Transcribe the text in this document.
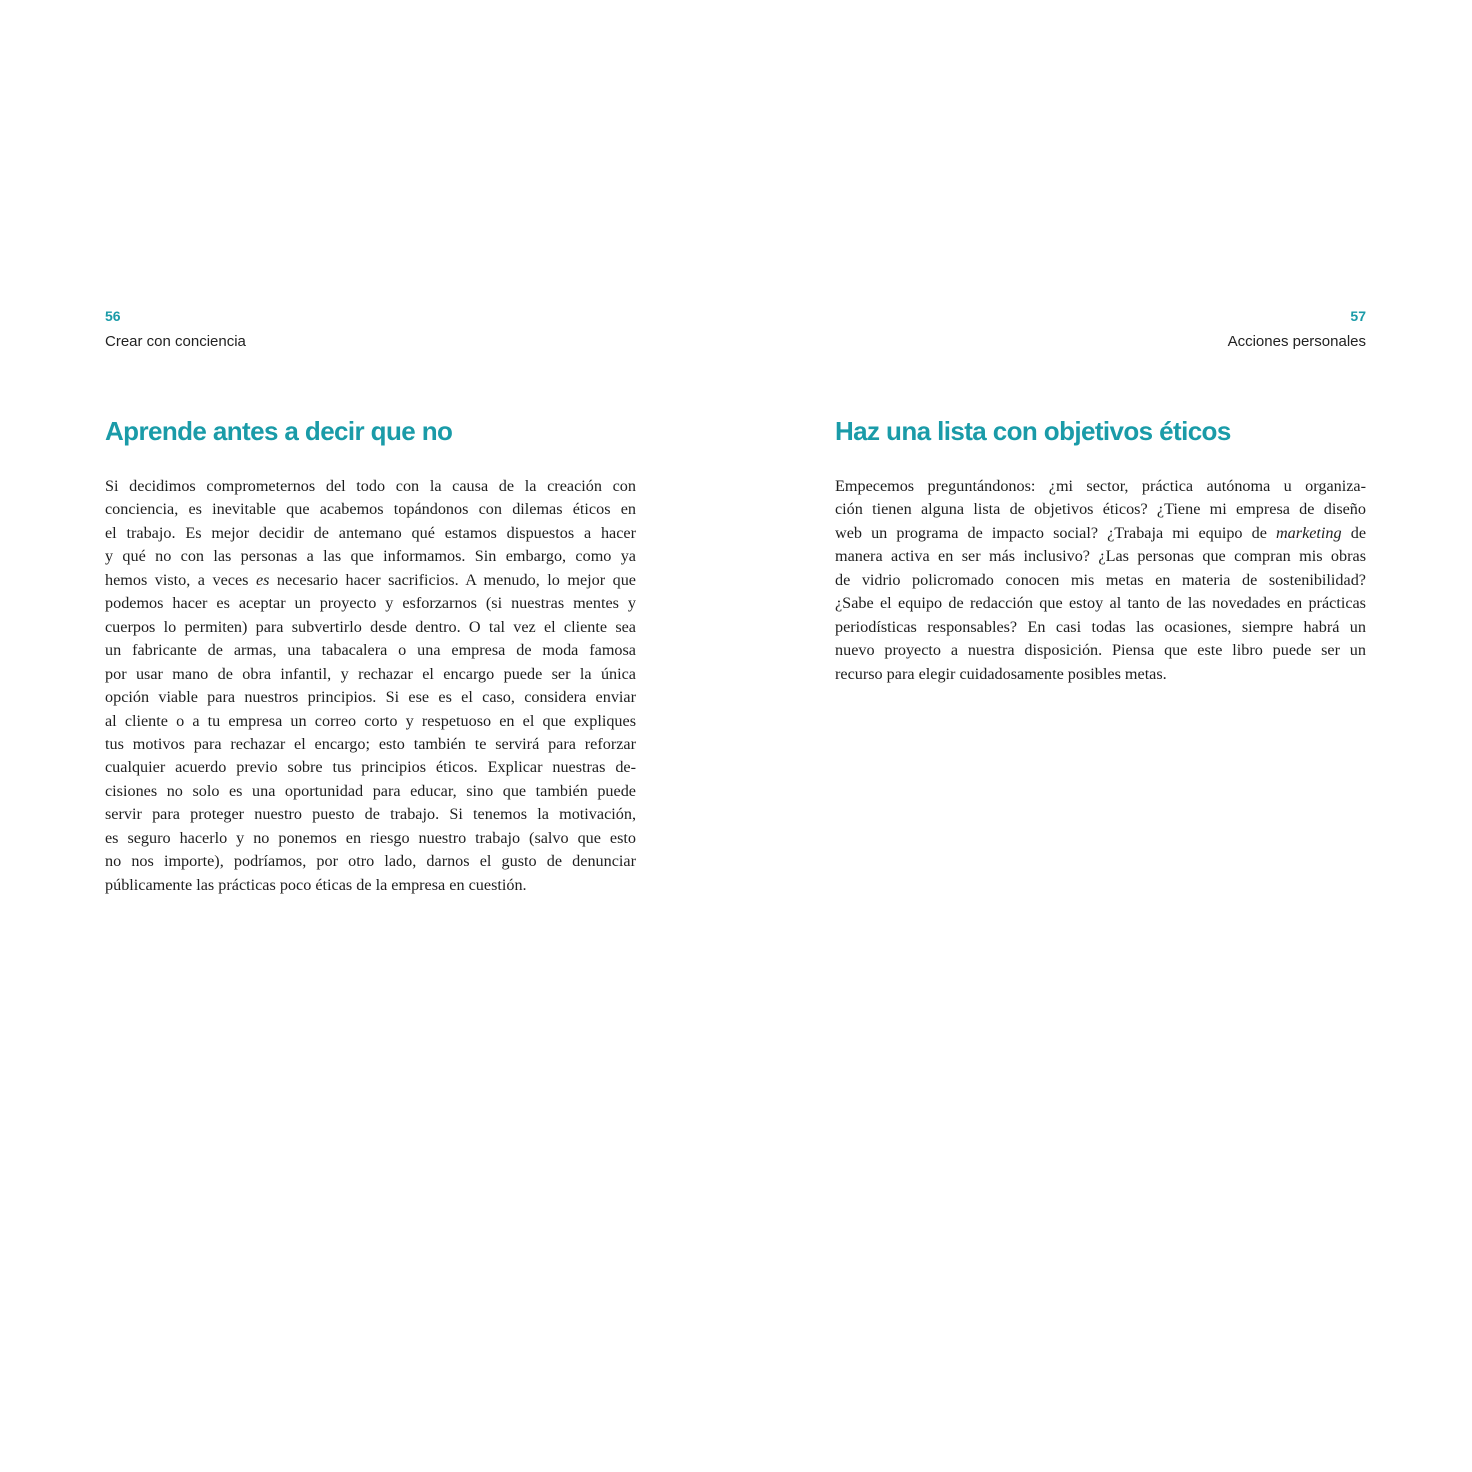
56
Crear con conciencia
Aprende antes a decir que no
Si decidimos comprometernos del todo con la causa de la creación con
conciencia, es inevitable que acabemos topándonos con dilemas éticos en
el trabajo. Es mejor decidir de antemano qué estamos dispuestos a hacer
y qué no con las personas a las que informamos. Sin embargo, como ya
hemos visto, a veces es necesario hacer sacrificios. A menudo, lo mejor que
podemos hacer es aceptar un proyecto y esforzarnos (si nuestras mentes y
cuerpos lo permiten) para subvertirlo desde dentro. O tal vez el cliente sea
un fabricante de armas, una tabacalera o una empresa de moda famosa
por usar mano de obra infantil, y rechazar el encargo puede ser la única
opción viable para nuestros principios. Si ese es el caso, considera enviar
al cliente o a tu empresa un correo corto y respetuoso en el que expliques
tus motivos para rechazar el encargo; esto también te servirá para reforzar
cualquier acuerdo previo sobre tus principios éticos. Explicar nuestras de-
cisiones no solo es una oportunidad para educar, sino que también puede
servir para proteger nuestro puesto de trabajo. Si tenemos la motivación,
es seguro hacerlo y no ponemos en riesgo nuestro trabajo (salvo que esto
no nos importe), podríamos, por otro lado, darnos el gusto de denunciar
públicamente las prácticas poco éticas de la empresa en cuestión.
57
Acciones personales
Haz una lista con objetivos éticos
Empecemos preguntándonos: ¿mi sector, práctica autónoma u organiza-
ción tienen alguna lista de objetivos éticos? ¿Tiene mi empresa de diseño
web un programa de impacto social? ¿Trabaja mi equipo de marketing de
manera activa en ser más inclusivo? ¿Las personas que compran mis obras
de vidrio policromado conocen mis metas en materia de sostenibilidad?
¿Sabe el equipo de redacción que estoy al tanto de las novedades en prácticas
periodísticas responsables? En casi todas las ocasiones, siempre habrá un
nuevo proyecto a nuestra disposición. Piensa que este libro puede ser un
recurso para elegir cuidadosamente posibles metas.
